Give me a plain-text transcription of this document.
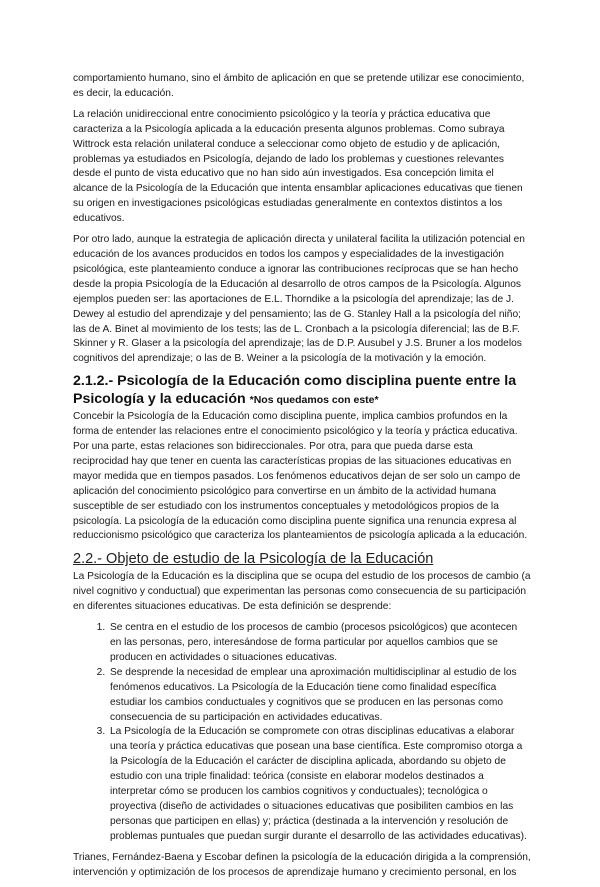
comportamiento humano, sino el ámbito de aplicación en que se pretende utilizar ese conocimiento, es decir, la educación.

La relación unidireccional entre conocimiento psicológico y la teoría y práctica educativa que caracteriza a la Psicología aplicada a la educación presenta algunos problemas. Como subraya Wittrock esta relación unilateral conduce a seleccionar como objeto de estudio y de aplicación, problemas ya estudiados en Psicología, dejando de lado los problemas y cuestiones relevantes desde el punto de vista educativo que no han sido aún investigados. Esa concepción limita el alcance de la Psicología de la Educación que intenta ensamblar aplicaciones educativas que tienen su origen en investigaciones psicológicas estudiadas generalmente en contextos distintos a los educativos.

Por otro lado, aunque la estrategia de aplicación directa y unilateral facilita la utilización potencial en educación de los avances producidos en todos los campos y especialidades de la investigación psicológica, este planteamiento conduce a ignorar las contribuciones recíprocas que se han hecho desde la propia Psicología de la Educación al desarrollo de otros campos de la Psicología. Algunos ejemplos pueden ser: las aportaciones de E.L. Thorndike a la psicología del aprendizaje; las de J. Dewey al estudio del aprendizaje y del pensamiento; las de G. Stanley Hall a la psicología del niño; las de A. Binet al movimiento de los tests; las de L. Cronbach a la psicología diferencial; las de B.F. Skinner y R. Glaser a la psicología del aprendizaje; las de D.P. Ausubel y J.S. Bruner a los modelos cognitivos del aprendizaje; o las de B. Weiner a la psicología de la motivación y la emoción.

2.1.2.- Psicología de la Educación como disciplina puente entre la Psicología y la educación *Nos quedamos con este*

Concebir la Psicología de la Educación como disciplina puente, implica cambios profundos en la forma de entender las relaciones entre el conocimiento psicológico y la teoría y práctica educativa. Por una parte, estas relaciones son bidireccionales. Por otra, para que pueda darse esta reciprocidad hay que tener en cuenta las características propias de las situaciones educativas en mayor medida que en tiempos pasados. Los fenómenos educativos dejan de ser solo un campo de aplicación del conocimiento psicológico para convertirse en un ámbito de la actividad humana susceptible de ser estudiado con los instrumentos conceptuales y metodológicos propios de la psicología. La psicología de la educación como disciplina puente significa una renuncia expresa al reduccionismo psicológico que caracteriza los planteamientos de psicología aplicada a la educación.

2.2.- Objeto de estudio de la Psicología de la Educación

La Psicología de la Educación es la disciplina que se ocupa del estudio de los procesos de cambio (a nivel cognitivo y conductual) que experimentan las personas como consecuencia de su participación en diferentes situaciones educativas. De esta definición se desprende:

1. Se centra en el estudio de los procesos de cambio (procesos psicológicos) que acontecen en las personas, pero, interesándose de forma particular por aquellos cambios que se producen en actividades o situaciones educativas.
2. Se desprende la necesidad de emplear una aproximación multidisciplinar al estudio de los fenómenos educativos. La Psicología de la Educación tiene como finalidad específica estudiar los cambios conductuales y cognitivos que se producen en las personas como consecuencia de su participación en actividades educativas.
3. La Psicología de la Educación se compromete con otras disciplinas educativas a elaborar una teoría y práctica educativas que posean una base científica. Este compromiso otorga a la Psicología de la Educación el carácter de disciplina aplicada, abordando su objeto de estudio con una triple finalidad: teórica (consiste en elaborar modelos destinados a interpretar cómo se producen los cambios cognitivos y conductuales); tecnológica o proyectiva (diseño de actividades o situaciones educativas que posibiliten cambios en las personas que participen en ellas) y; práctica (destinada a la intervención y resolución de problemas puntuales que puedan surgir durante el desarrollo de las actividades educativas).

Trianes, Fernández-Baena y Escobar definen la psicología de la educación dirigida a la comprensión, intervención y optimización de los procesos de aprendizaje humano y crecimiento personal, en los
